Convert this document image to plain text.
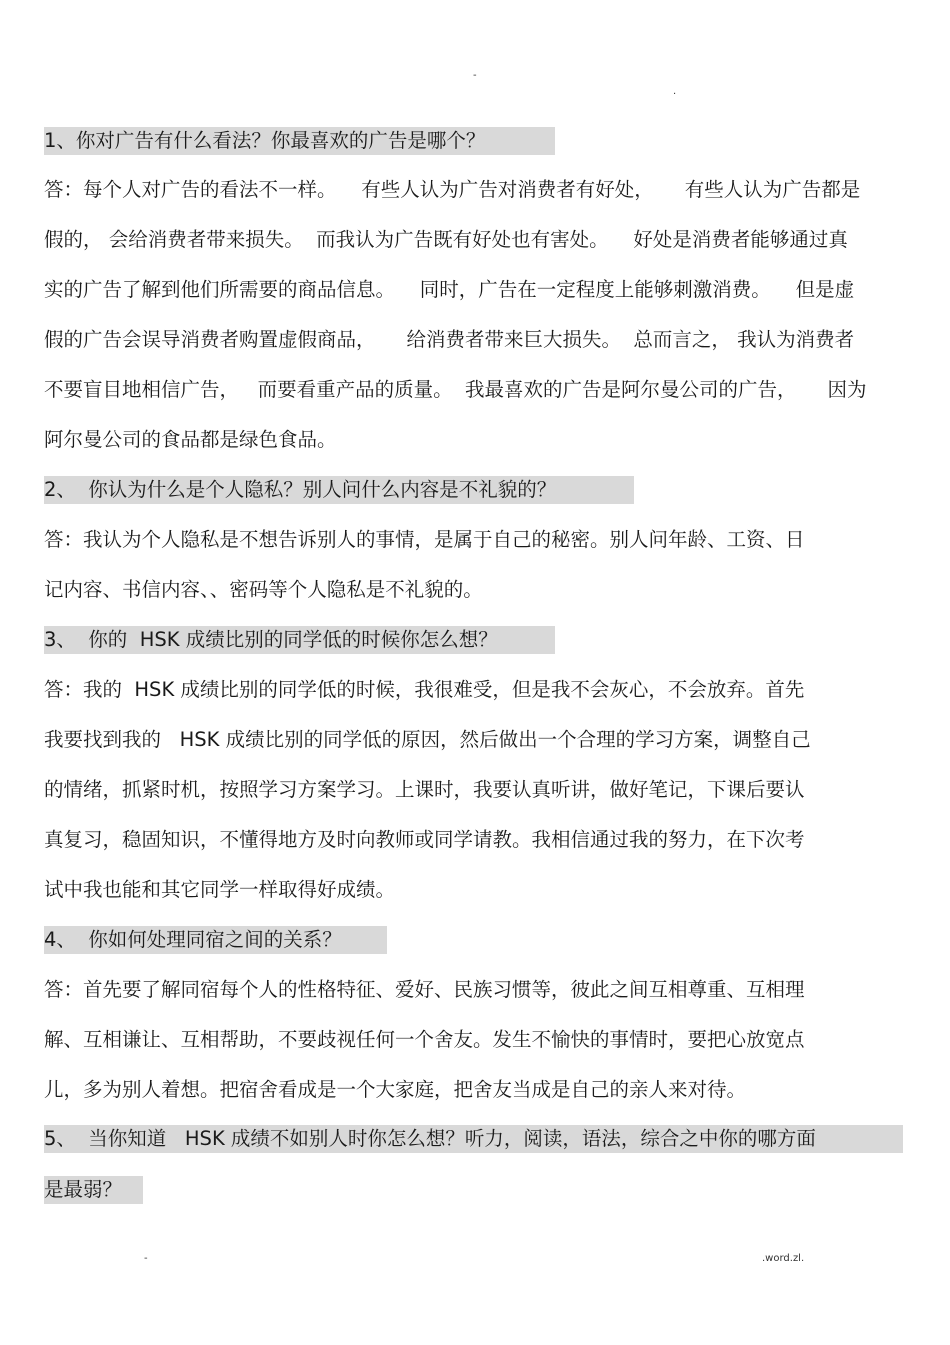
-
.
1、你对广告有什么看法？你最喜欢的广告是哪个？
答：每个人对广告的看法不一样。    有些人认为广告对消费者有好处，     有些人认为广告都是
假的， 会给消费者带来损失。  而我认为广告既有好处也有害处。    好处是消费者能够通过真
实的广告了解到他们所需要的商品信息。    同时，广告在一定程度上能够刺激消费。    但是虚
假的广告会误导消费者购置虚假商品，     给消费者带来巨大损失。  总而言之， 我认为消费者
不要盲目地相信广告，   而要看重产品的质量。  我最喜欢的广告是阿尔曼公司的广告，     因为
阿尔曼公司的食品都是绿色食品。
2、  你认为什么是个人隐私？别人问什么内容是不礼貌的？
答：我认为个人隐私是不想告诉别人的事情，是属于自己的秘密。别人问年龄、工资、日
记内容、书信内容、、密码等个人隐私是不礼貌的。
3、  你的  HSK 成绩比别的同学低的时候你怎么想？
答：我的  HSK 成绩比别的同学低的时候，我很难受，但是我不会灰心，不会放弃。首先
我要找到我的   HSK 成绩比别的同学低的原因，然后做出一个合理的学习方案，调整自己
的情绪，抓紧时机，按照学习方案学习。上课时，我要认真听讲，做好笔记，下课后要认
真复习，稳固知识，不懂得地方及时向教师或同学请教。我相信通过我的努力，在下次考
试中我也能和其它同学一样取得好成绩。
4、  你如何处理同宿之间的关系？
答：首先要了解同宿每个人的性格特征、爱好、民族习惯等，彼此之间互相尊重、互相理
解、互相谦让、互相帮助，不要歧视任何一个舍友。发生不愉快的事情时，要把心放宽点
儿，多为别人着想。把宿舍看成是一个大家庭，把舍友当成是自己的亲人来对待。
5、  当你知道   HSK 成绩不如别人时你怎么想？听力，阅读，语法，综合之中你的哪方面
是最弱？
-	.word.zl.
